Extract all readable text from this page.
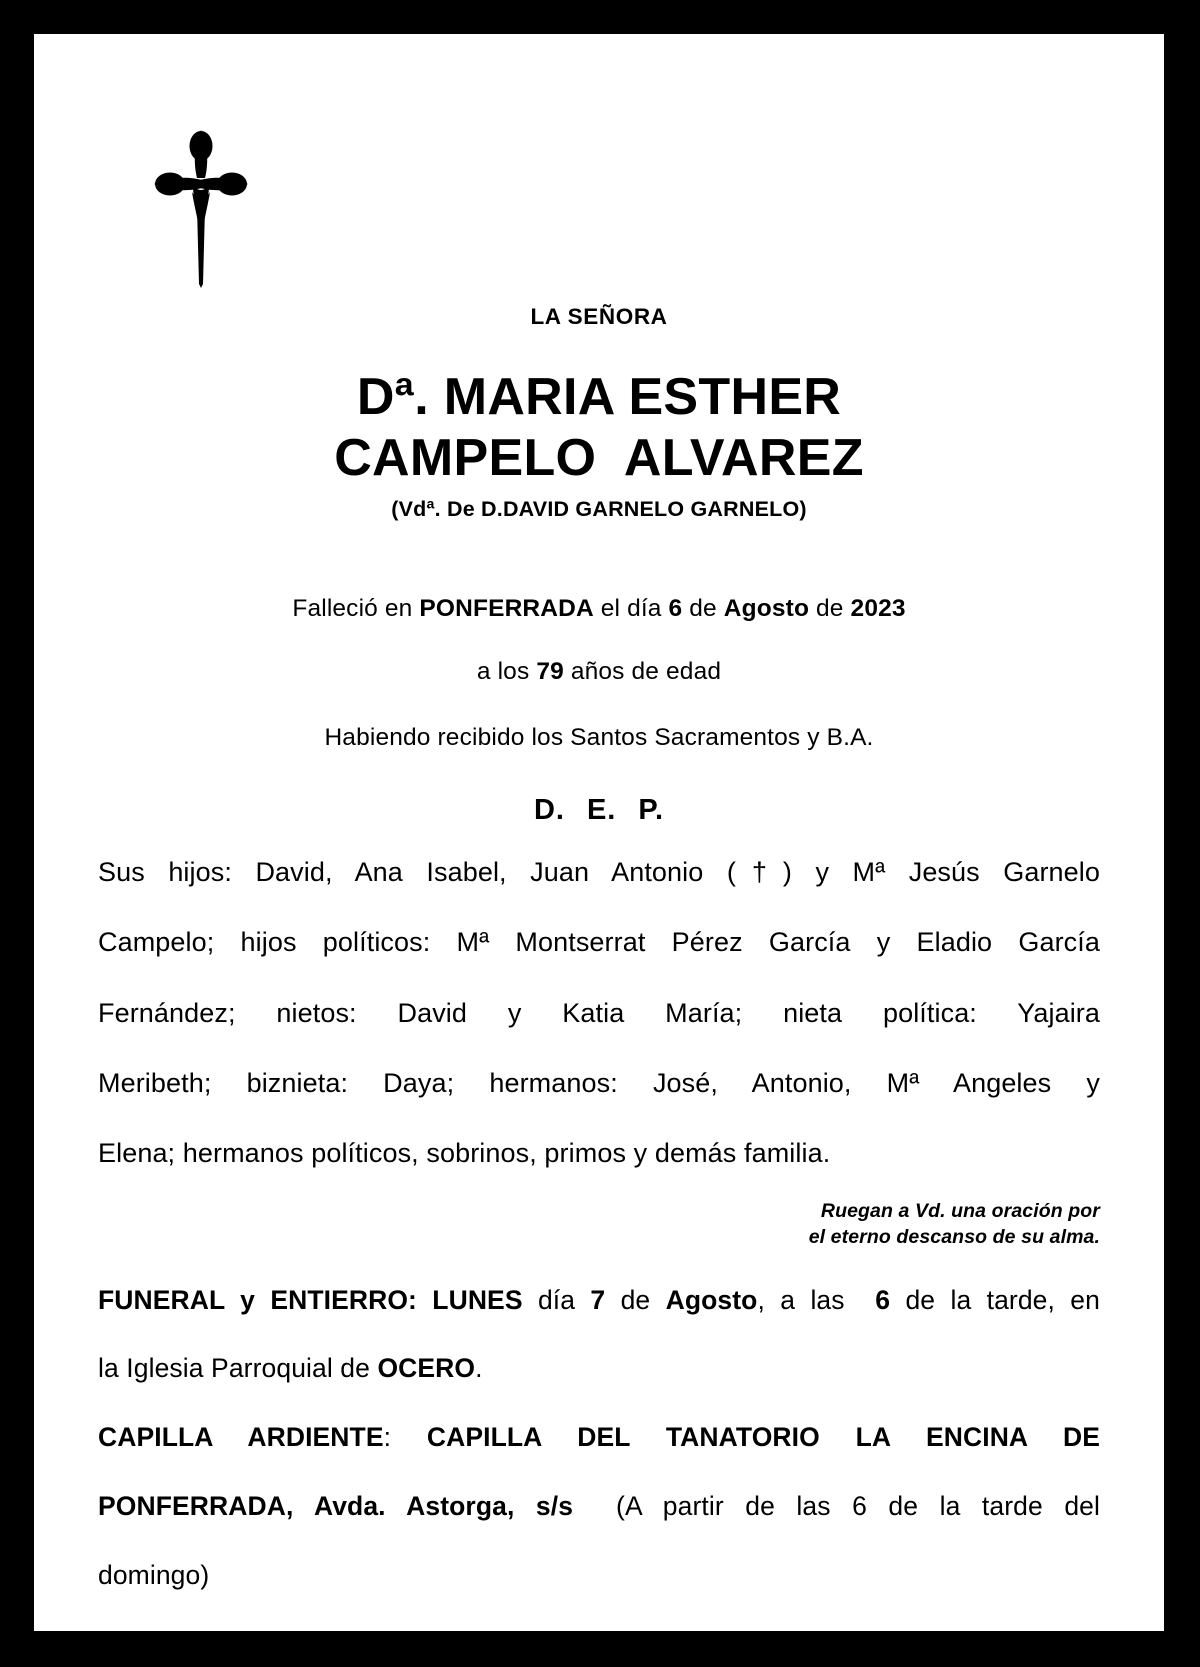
LA SEÑORA
Dª. MARIA ESTHER
CAMPELO  ALVAREZ
(Vdª. De D.DAVID GARNELO GARNELO)
Falleció en PONFERRADA el día 6 de Agosto de 2023
a los 79 años de edad
Habiendo recibido los Santos Sacramentos y B.A.
D. E. P.
Sus hijos: David, Ana Isabel, Juan Antonio (†) y Mª Jesús Garnelo
Campelo; hijos políticos: Mª Montserrat Pérez García y Eladio García
Fernández; nietos: David y Katia María; nieta política: Yajaira
Meribeth; biznieta: Daya; hermanos: José, Antonio, Mª Angeles y
Elena; hermanos políticos, sobrinos, primos y demás familia.
Ruegan a Vd. una oración por
el eterno descanso de su alma.
FUNERAL y ENTIERRO: LUNES día 7 de Agosto, a las  6 de la tarde, en
la Iglesia Parroquial de OCERO.
CAPILLA  ARDIENTE:  CAPILLA  DEL  TANATORIO  LA  ENCINA  DE
PONFERRADA, Avda. Astorga, s/s  (A partir de las 6 de la tarde del
domingo)
CASA DOLIENTE: PONFERRADA
